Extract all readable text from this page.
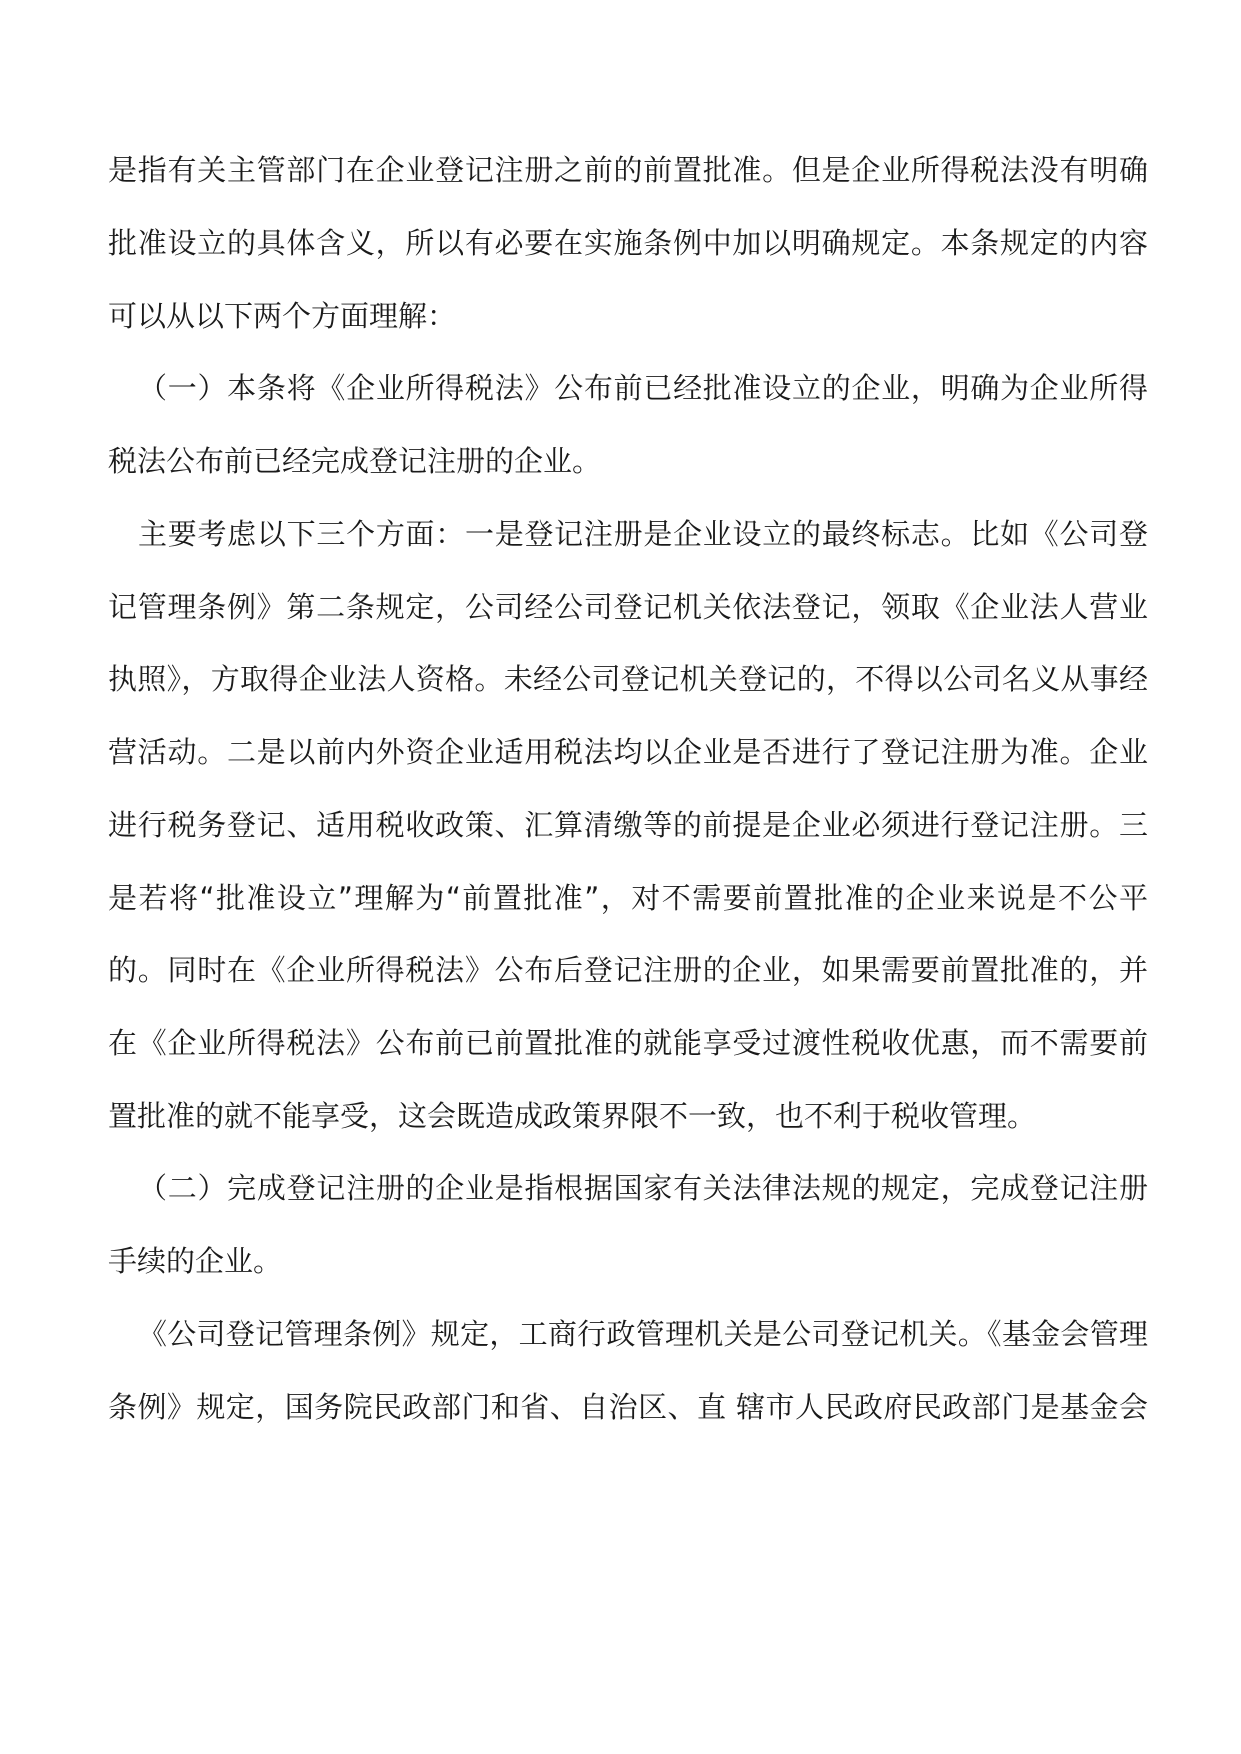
是指有关主管部门在企业登记注册之前的前置批准。但是企业所得税法没有明确
批准设立的具体含义，所以有必要在实施条例中加以明确规定。本条规定的内容
可以从以下两个方面理解：
（一）本条将《企业所得税法》公布前已经批准设立的企业，明确为企业所得
税法公布前已经完成登记注册的企业。
主要考虑以下三个方面：一是登记注册是企业设立的最终标志。比如《公司登
记管理条例》第二条规定，公司经公司登记机关依法登记，领取《企业法人营业
执照》，方取得企业法人资格。未经公司登记机关登记的，不得以公司名义从事经
营活动。二是以前内外资企业适用税法均以企业是否进行了登记注册为准。企业
进行税务登记、适用税收政策、汇算清缴等的前提是企业必须进行登记注册。三
是若将“批准设立”理解为“前置批准”，对不需要前置批准的企业来说是不公平
的。同时在《企业所得税法》公布后登记注册的企业，如果需要前置批准的，并
在《企业所得税法》公布前已前置批准的就能享受过渡性税收优惠，而不需要前
置批准的就不能享受，这会既造成政策界限不一致，也不利于税收管理。
（二）完成登记注册的企业是指根据国家有关法律法规的规定，完成登记注册
手续的企业。
《公司登记管理条例》规定，工商行政管理机关是公司登记机关。《基金会管理
条例》规定，国务院民政部门和省、自治区、直 辖市人民政府民政部门是基金会
